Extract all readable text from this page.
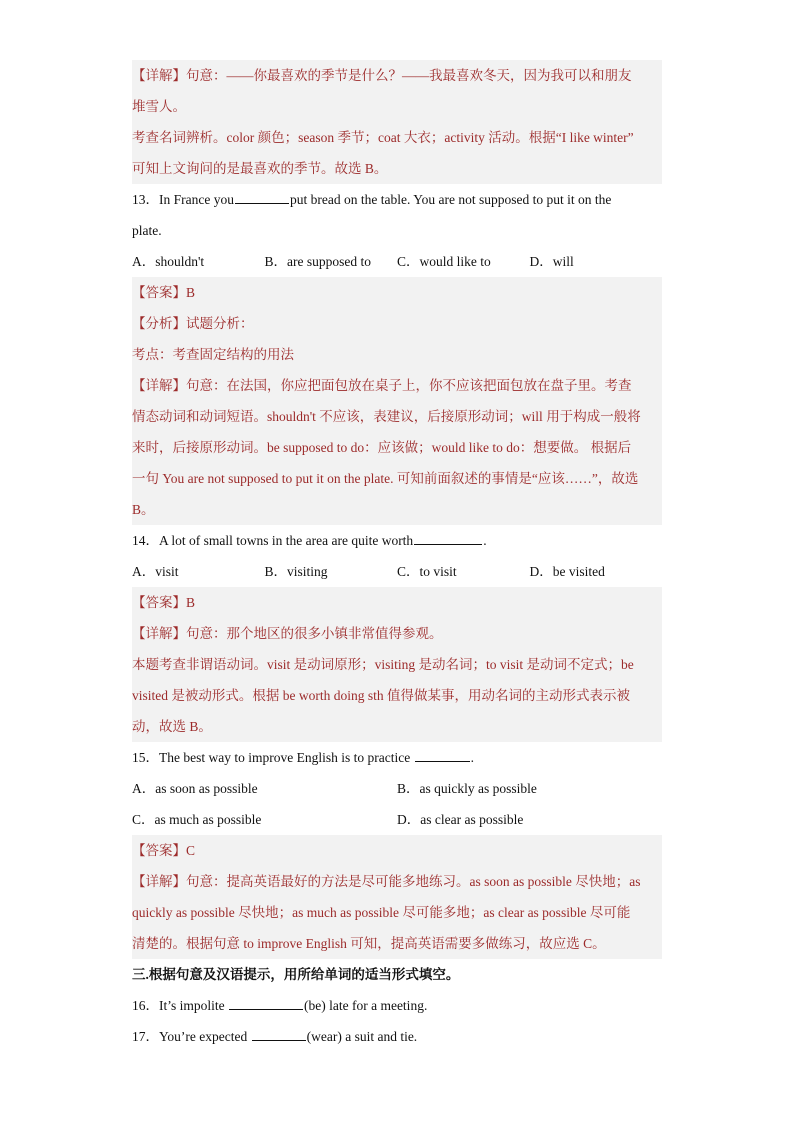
【详解】句意：——你最喜欢的季节是什么？——我最喜欢冬天，因为我可以和朋友
堆雪人。
考查名词辨析。color 颜色；season 季节；coat 大衣；activity 活动。根据“I like winter”
可知上文询问的是最喜欢的季节。故选 B。
13．In France you	put bread on the table. You are not supposed to put it on the
plate.
A．shouldn't	B．are supposed to	C．would like to	D．will
【答案】B
【分析】试题分析：
考点：考查固定结构的用法
【详解】句意：在法国，你应把面包放在桌子上，你不应该把面包放在盘子里。考查
情态动词和动词短语。shouldn't 不应该，表建议，后接原形动词；will 用于构成一般将
来时，后接原形动词。be supposed to do：应该做；would like to do：想要做。 根据后
一句 You are not supposed to put it on the plate. 可知前面叙述的事情是“应该……”，故选
B。
14．A lot of small towns in the area are quite worth	.
A．visit	B．visiting	C．to visit	D．be visited
【答案】B
【详解】句意：那个地区的很多小镇非常值得参观。
本题考查非谓语动词。visit 是动词原形；visiting 是动名词；to visit 是动词不定式；be
visited 是被动形式。根据 be worth doing sth 值得做某事，用动名词的主动形式表示被
动，故选 B。
15．The best way to improve English is to practice	.
A．as soon as possible	B．as quickly as possible
C．as much as possible	D．as clear as possible
【答案】C
【详解】句意：提高英语最好的方法是尽可能多地练习。as soon as possible 尽快地；as
quickly as possible 尽快地；as much as possible 尽可能多地；as clear as possible 尽可能
清楚的。根据句意 to improve English 可知，提高英语需要多做练习，故应选 C。
三.根据句意及汉语提示，用所给单词的适当形式填空。
16．It’s impolite	(be) late for a meeting.
17．You’re expected	(wear) a suit and tie.
